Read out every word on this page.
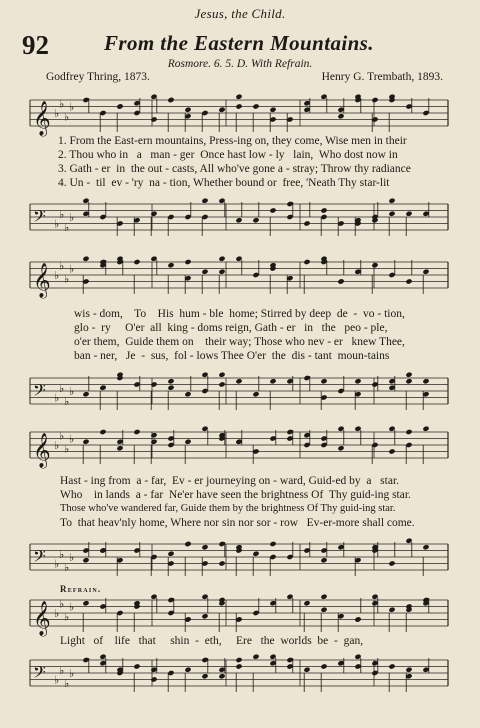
Jesus, the Child.
92	From the Eastern Mountains.
Rosmore. 6. 5. D. With Refrain.
Godfrey Thring, 1873.	Henry G. Trembath, 1893.
𝄞 ♭
♭
♭
♭
1. From the East-ern mountains, Press-ing on, they come, Wise men in their
2. Thou who in   a   man - ger  Once hast low - ly   lain,  Who dost now in
3. Gath - er  in  the out - casts, All who've gone a - stray; Throw thy radiance
4. Un -  til  ev - 'ry  na - tion, Whether bound or  free, 'Neath Thy star-lit
𝄢 ♭
♭
♭
♭
𝄞 ♭
♭
♭
♭
wis - dom,    To    His  hum - ble  home; Stirred by deep  de  -  vo - tion,
glo -  ry     O'er  all  king - doms reign, Gath - er   in   the   peo - ple,
o'er them,  Guide them on    their way; Those who nev - er   knew Thee,
ban - ner,   Je  -  sus,  fol - lows Thee O'er  the  dis - tant  moun-tains
𝄢 ♭
♭
♭
♭
𝄞 ♭
♭
♭
♭
Hast - ing from  a - far,  Ev - er journeying on - ward, Guid-ed by  a   star.
Who    in lands  a - far  Ne'er have seen the brightness Of  Thy guid-ing star.
Those who've wandered far, Guide them by the brightness Of Thy guid-ing star.
To  that heav'nly home, Where nor sin nor sor - row   Ev-er-more shall come.
𝄢 ♭
♭
♭
♭
Refrain.
𝄞 ♭
♭
♭
♭
Light   of    life   that     shin  -  eth,     Ere   the  worlds  be  -  gan,
𝄢 ♭
♭
♭
♭
